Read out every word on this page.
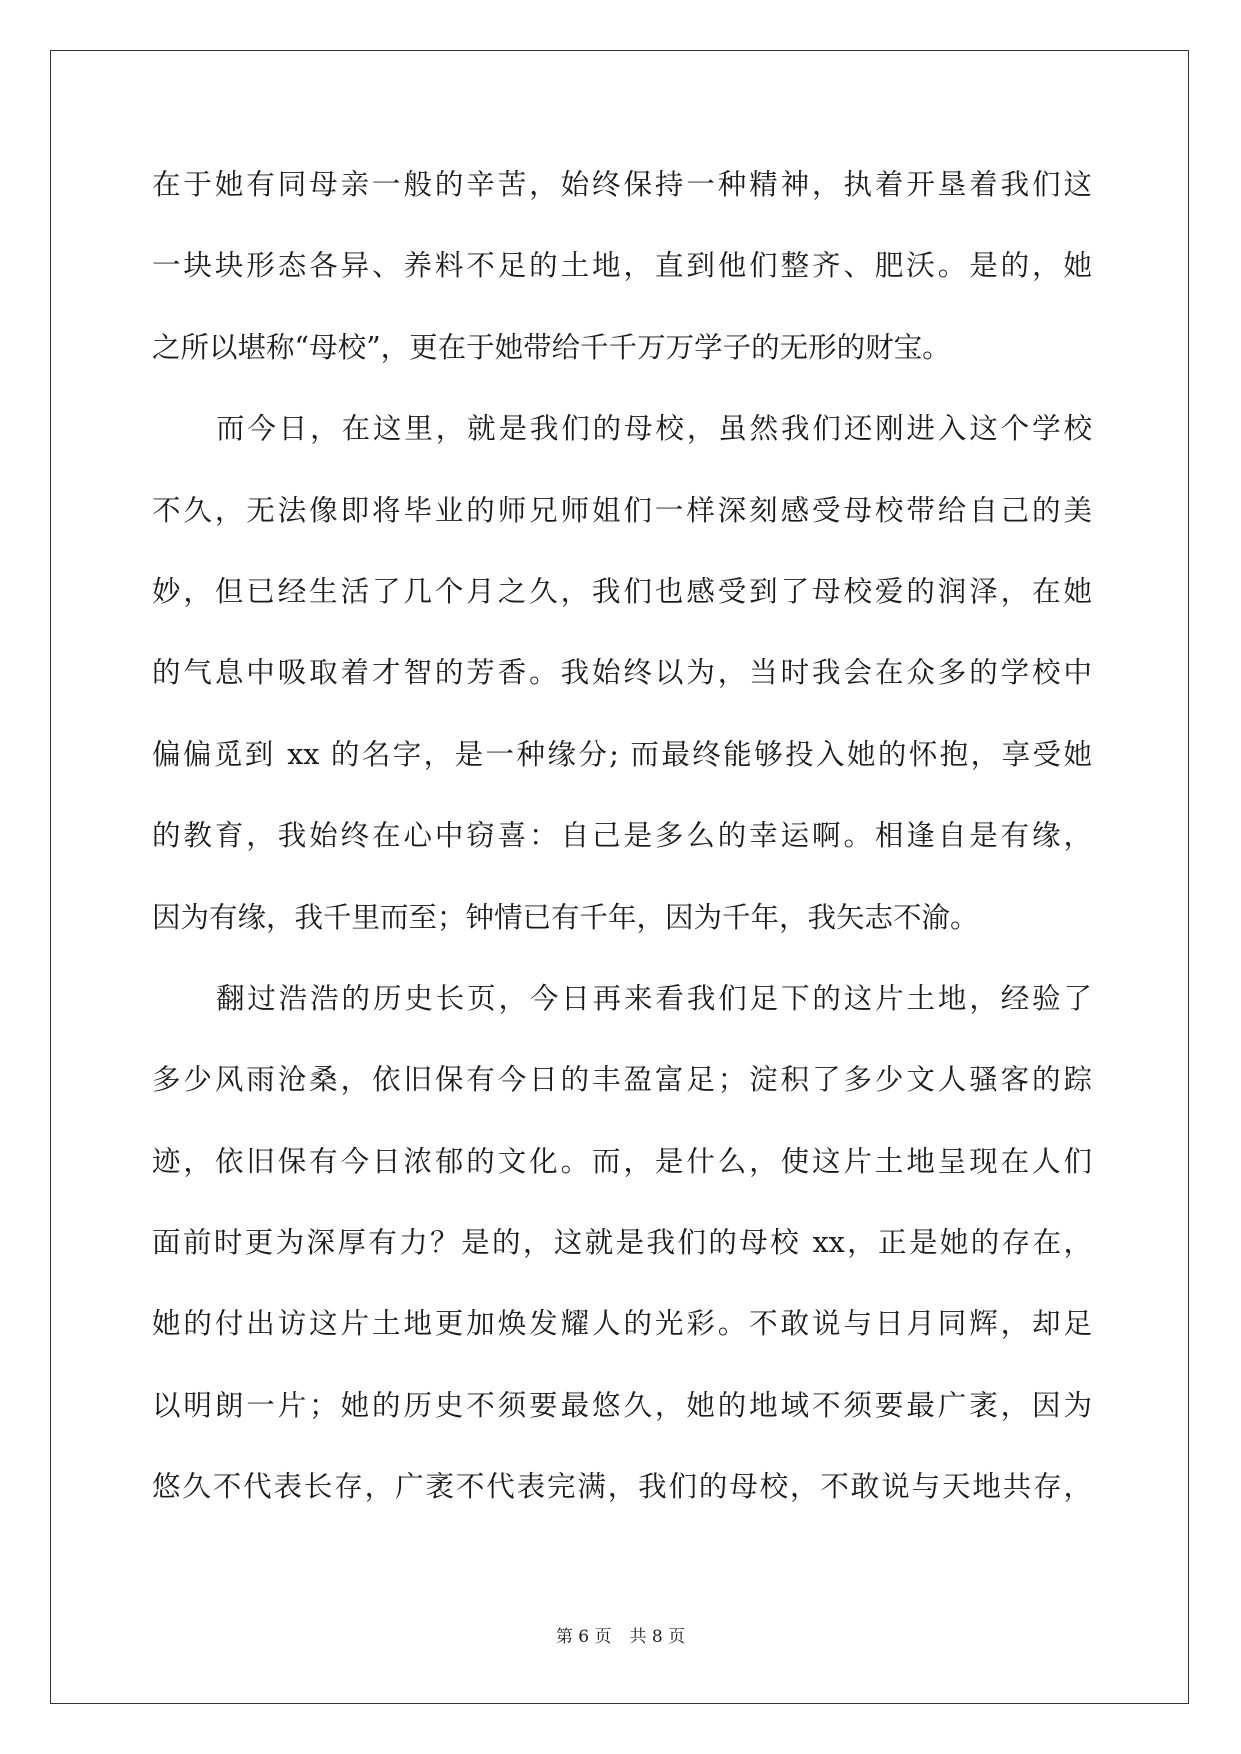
在于她有同母亲一般的辛苦，始终保持一种精神，执着开垦着我们这
一块块形态各异、养料不足的土地，直到他们整齐、肥沃。是的，她
之所以堪称“母校”，更在于她带给千千万万学子的无形的财宝。
而今日，在这里，就是我们的母校，虽然我们还刚进入这个学校
不久，无法像即将毕业的师兄师姐们一样深刻感受母校带给自己的美
妙，但已经生活了几个月之久，我们也感受到了母校爱的润泽，在她
的气息中吸取着才智的芳香。我始终以为，当时我会在众多的学校中
偏偏觅到 xx 的名字，是一种缘分; 而最终能够投入她的怀抱，享受她
的教育，我始终在心中窃喜：自己是多么的幸运啊。相逢自是有缘，
因为有缘，我千里而至；钟情已有千年，因为千年，我矢志不渝。
翻过浩浩的历史长页，今日再来看我们足下的这片土地，经验了
多少风雨沧桑，依旧保有今日的丰盈富足；淀积了多少文人骚客的踪
迹，依旧保有今日浓郁的文化。而，是什么，使这片土地呈现在人们
面前时更为深厚有力？是的，这就是我们的母校 xx，正是她的存在，
她的付出访这片土地更加焕发耀人的光彩。不敢说与日月同辉，却足
以明朗一片；她的历史不须要最悠久，她的地域不须要最广袤，因为
悠久不代表长存，广袤不代表完满，我们的母校，不敢说与天地共存，
第 6 页 共 8 页
